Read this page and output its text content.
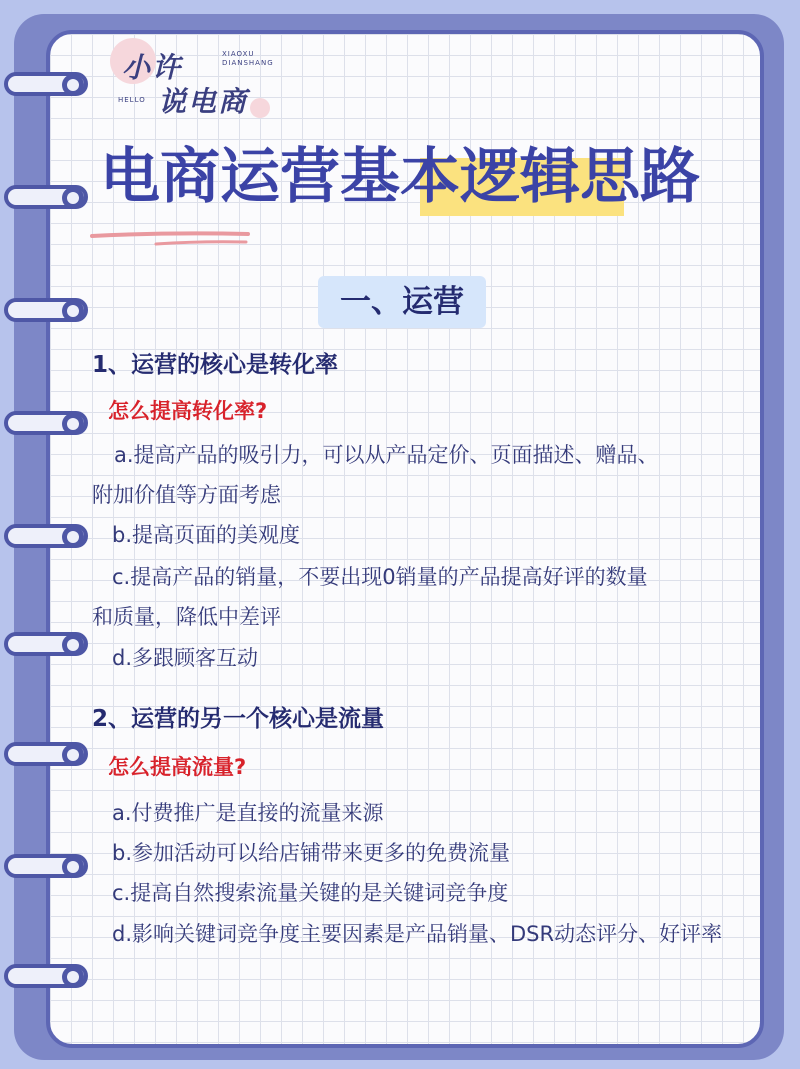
小许
说电商
XIAOXU
DIANSHANG
HELLO
电商运营基本逻辑思路
一、运营
1、运营的核心是转化率
怎么提高转化率?
a.提高产品的吸引力，可以从产品定价、页面描述、赠品、
附加价值等方面考虑
b.提高页面的美观度
c.提高产品的销量，不要出现0销量的产品提高好评的数量
和质量，降低中差评
d.多跟顾客互动
2、运营的另一个核心是流量
怎么提高流量?
a.付费推广是直接的流量来源
b.参加活动可以给店铺带来更多的免费流量
c.提高自然搜索流量关键的是关键词竞争度
d.影响关键词竞争度主要因素是产品销量、DSR动态评分、好评率
